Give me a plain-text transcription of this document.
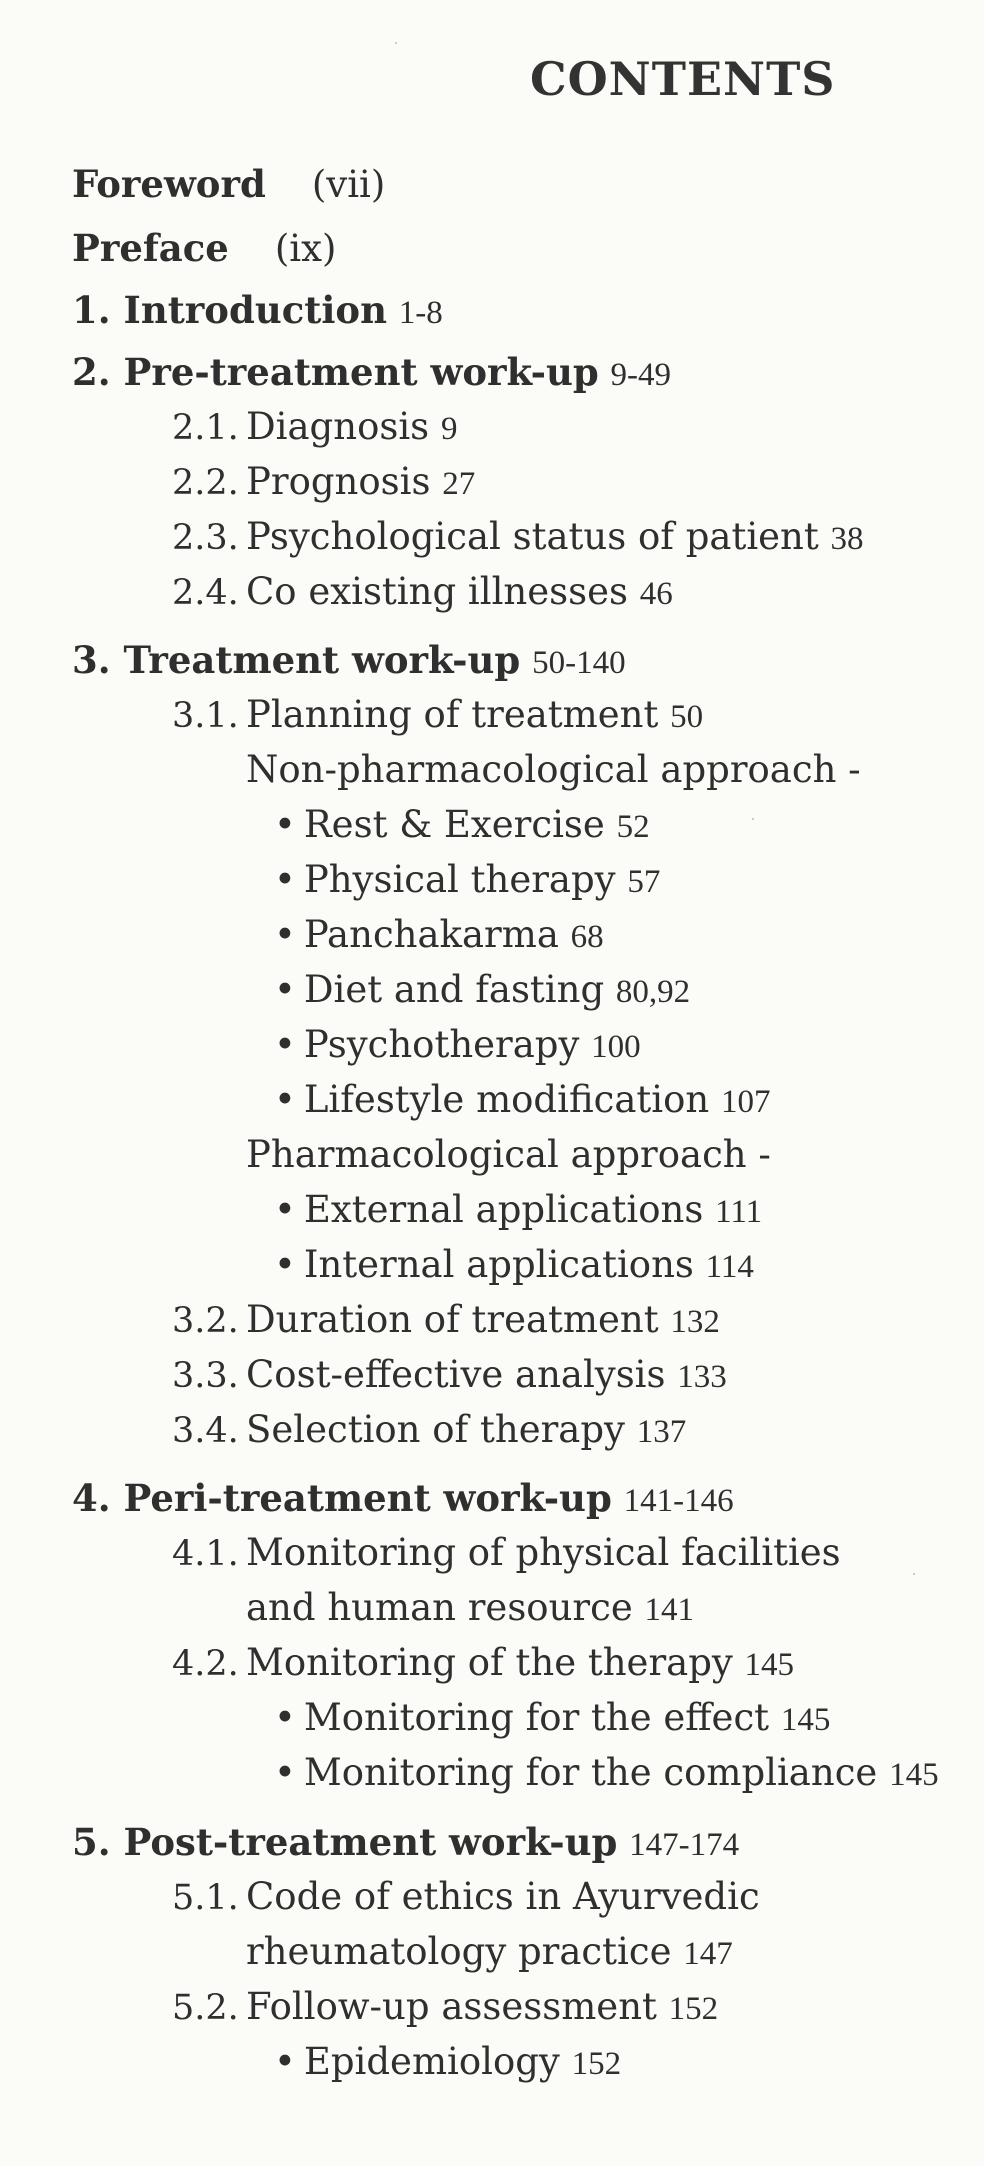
CONTENTS
Foreword (vii)
Preface (ix)
1. Introduction 1-8
2. Pre-treatment work-up 9-49
2.1. Diagnosis 9
2.2. Prognosis 27
2.3. Psychological status of patient 38
2.4. Co existing illnesses 46
3. Treatment work-up 50-140
3.1. Planning of treatment 50
Non-pharmacological approach -
• Rest & Exercise 52
• Physical therapy 57
• Panchakarma 68
• Diet and fasting 80,92
• Psychotherapy 100
• Lifestyle modification 107
Pharmacological approach -
• External applications 111
• Internal applications 114
3.2. Duration of treatment 132
3.3. Cost-effective analysis 133
3.4. Selection of therapy 137
4. Peri-treatment work-up 141-146
4.1. Monitoring of physical facilities
and human resource 141
4.2. Monitoring of the therapy 145
• Monitoring for the effect 145
• Monitoring for the compliance 145
5. Post-treatment work-up 147-174
5.1. Code of ethics in Ayurvedic
rheumatology practice 147
5.2. Follow-up assessment 152
• Epidemiology 152
